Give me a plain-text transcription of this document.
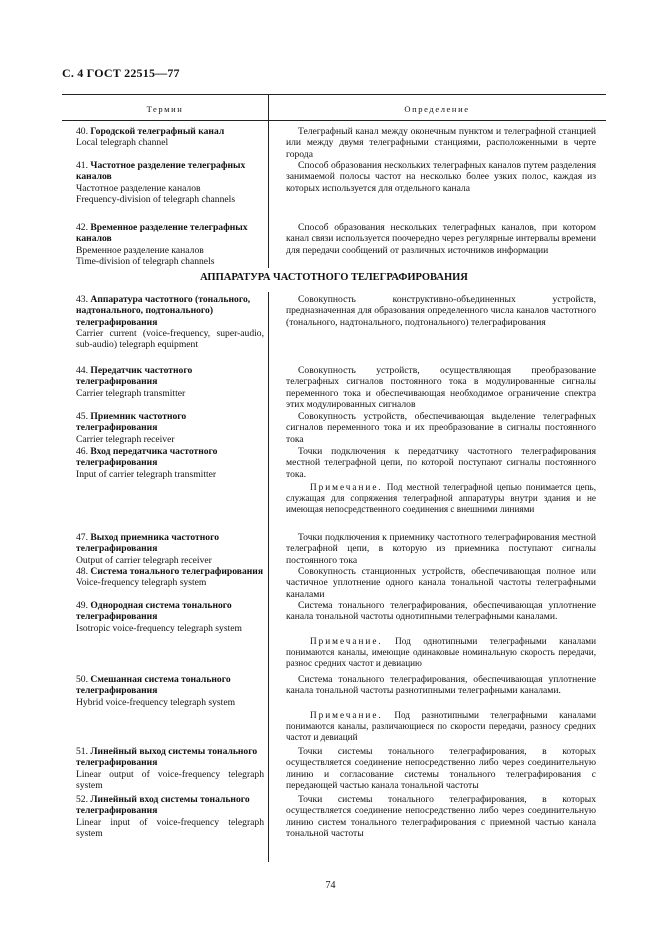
С. 4 ГОСТ 22515—77
Термин	Определение
АППАРАТУРА ЧАСТОТНОГО ТЕЛЕГРАФИРОВАНИЯ
40. Городской телеграфный канал
Local telegraph channel
Телеграфный канал между оконечным пунктом и телеграфной станцией или между двумя телеграфными станциями, расположенными в черте города
41. Частотное разделение телеграфных каналов
Частотное разделение каналов
Frequency-division of telegraph channels
Способ образования нескольких телеграфных каналов путем разделения занимаемой полосы частот на несколько более узких полос, каждая из которых используется для отдельного канала
42. Временное разделение телеграфных каналов
Временное разделение каналов
Time-division of telegraph channels
Способ образования нескольких телеграфных каналов, при котором канал связи используется поочередно через регулярные интервалы времени для передачи сообщений от различных источников информации
43. Аппаратура частотного (тонального, надтонального, подтонального) телеграфирования
Carrier current (voice-frequency, super-audio, sub-audio) telegraph equipment
Совокупность конструктивно-объединенных устройств, предназначенная для образования определенного числа каналов частотного (тонального, надтонального, подтонального) телеграфирования
44. Передатчик частотного телеграфирования
Carrier telegraph transmitter
Совокупность устройств, осуществляющая преобразование телеграфных сигналов постоянного тока в модулированные сигналы переменного тока и обеспечивающая необходимое ограничение спектра этих модулированных сигналов
45. Приемник частотного телеграфирования
Carrier telegraph receiver
Совокупность устройств, обеспечивающая выделение телеграфных сигналов переменного тока и их преобразование в сигналы постоянного тока
46. Вход передатчика частотного телеграфирования
Input of carrier telegraph transmitter
Точки подключения к передатчику частотного телеграфирования местной телеграфной цепи, по которой поступают сигналы постоянного тока.
Примечание. Под местной телеграфной цепью понимается цепь, служащая для сопряжения телеграфной аппаратуры внутри здания и не имеющая непосредственного соединения с внешними линиями
47. Выход приемника частотного телеграфирования
Output of carrier telegraph receiver
Точки подключения к приемнику частотного телеграфирования местной телеграфной цепи, в которую из приемника поступают сигналы постоянного тока
48. Система тонального телеграфирования
Voice-frequency telegraph system
Совокупность станционных устройств, обеспечивающая полное или частичное уплотнение одного канала тональной частоты телеграфными каналами
49. Однородная система тонального телеграфирования
Isotropic voice-frequency telegraph system
Система тонального телеграфирования, обеспечивающая уплотнение канала тональной частоты однотипными телеграфными каналами.
Примечание. Под однотипными телеграфными каналами понимаются каналы, имеющие одинаковые номинальную скорость передачи, разнос средних частот и девиацию
50. Смешанная система тонального телеграфирования
Hybrid voice-frequency telegraph system
Система тонального телеграфирования, обеспечивающая уплотнение канала тональной частоты разнотипными телеграфными каналами.
Примечание. Под разнотипными телеграфными каналами понимаются каналы, различающиеся по скорости передачи, разносу средних частот и девиаций
51. Линейный выход системы тонального телеграфирования
Linear output of voice-frequency telegraph system
Точки системы тонального телеграфирования, в которых осуществляется соединение непосредственно либо через соединительную линию и согласование системы тонального телеграфирования с передающей частью канала тональной частоты
52. Линейный вход системы тонального телеграфирования
Linear input of voice-frequency telegraph system
Точки системы тонального телеграфирования, в которых осуществляется соединение непосредственно либо через соединительную линию систем тонального телеграфирования с приемной частью канала тональной частоты
74
